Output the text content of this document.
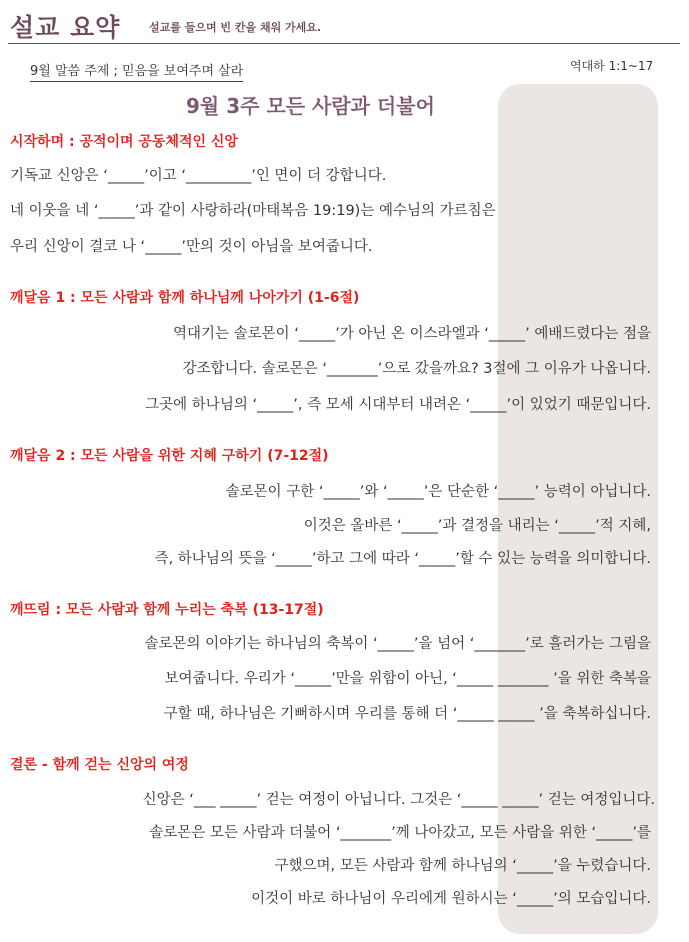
설교 요약	설교를 들으며 빈 칸을 채워 가세요.
9월 말씀 주제 ; 믿음을 보여주며 살라	역대하 1:1~17
9월 3주 모든 사람과 더불어
시작하며 : 공적이며 공동체적인 신앙
기독교 신앙은 ‘_____’이고 ‘_________’인 면이 더 강합니다.
네 이웃을 네 ‘_____’과 같이 사랑하라(마태복음 19:19)는 예수님의 가르침은
우리 신앙이 결코 나 ‘_____’만의 것이 아님을 보여줍니다.
깨달음 1 : 모든 사람과 함께 하나님께 나아가기 (1-6절)
역대기는 솔로몬이 ‘_____’가 아닌 온 이스라엘과 ‘_____’ 예배드렸다는 점을
강조합니다. 솔로몬은 ‘_______’으로 갔을까요? 3절에 그 이유가 나옵니다.
그곳에 하나님의 ‘_____’, 즉 모세 시대부터 내려온 ‘_____’이 있었기 때문입니다.
깨달음 2 : 모든 사람을 위한 지혜 구하기 (7-12절)
솔로몬이 구한 ‘_____’와 ‘_____’은 단순한 ‘_____’ 능력이 아닙니다.
이것은 올바른 ‘_____’과 결정을 내리는 ‘_____’적 지혜,
즉, 하나님의 뜻을 ‘_____’하고 그에 따라 ‘_____’할 수 있는 능력을 의미합니다.
깨뜨림 : 모든 사람과 함께 누리는 축복 (13-17절)
솔로몬의 이야기는 하나님의 축복이 ‘_____’을 넘어 ‘_______’로 흘러가는 그림을
보여줍니다. 우리가 ‘_____’만을 위함이 아닌, ‘_____ _______ ’을 위한 축복을
구할 때, 하나님은 기뻐하시며 우리를 통해 더 ‘_____ _____ ’을 축복하십니다.
결론 - 함께 걷는 신앙의 여정
신앙은 ‘___ _____’ 걷는 여정이 아닙니다. 그것은 ‘_____ _____’ 걷는 여정입니다.
솔로몬은 모든 사람과 더불어 ‘_______’께 나아갔고, 모든 사람을 위한 ‘_____’를
구했으며, 모든 사람과 함께 하나님의 ‘_____’을 누렸습니다.
이것이 바로 하나님이 우리에게 원하시는 ‘_____’의 모습입니다.
